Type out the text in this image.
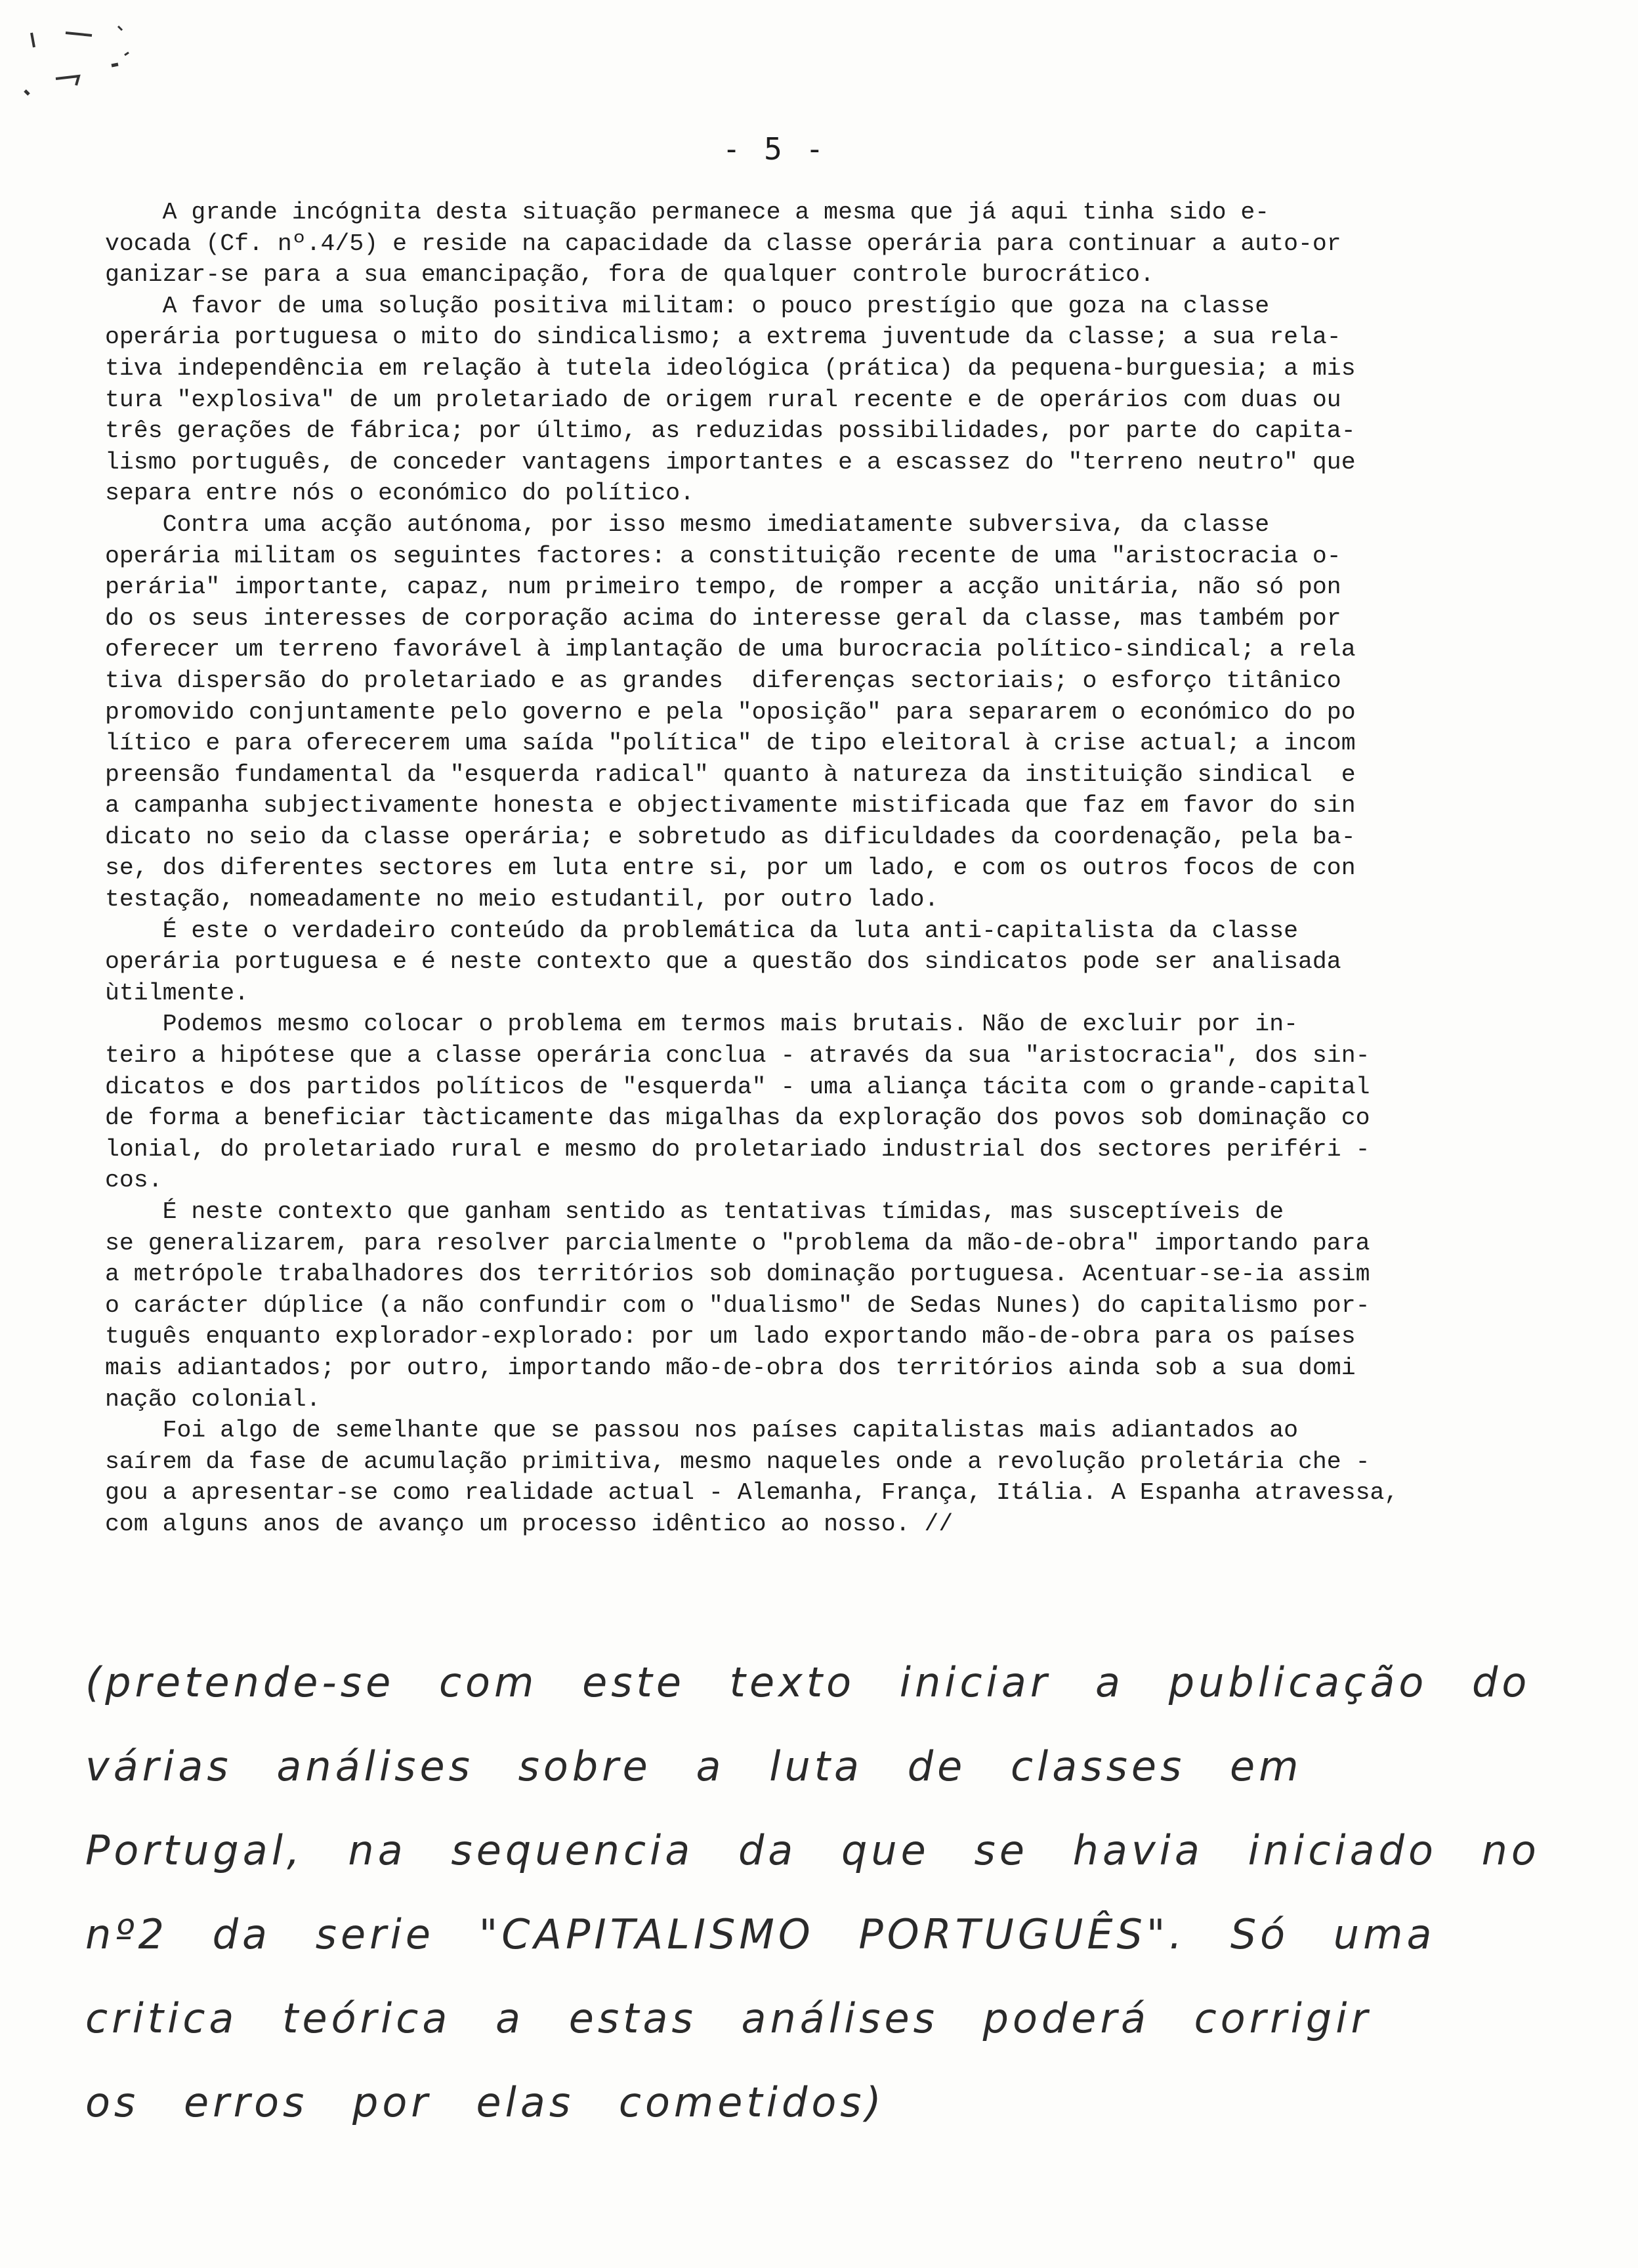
- 5 -
A grande incógnita desta situação permanece a mesma que já aqui tinha sido e-
vocada (Cf. nº.4/5) e reside na capacidade da classe operária para continuar a auto-or
ganizar-se para a sua emancipação, fora de qualquer controle burocrático.
A favor de uma solução positiva militam: o pouco prestígio que goza na classe
operária portuguesa o mito do sindicalismo; a extrema juventude da classe; a sua rela-
tiva independência em relação à tutela ideológica (prática) da pequena-burguesia; a mis
tura "explosiva" de um proletariado de origem rural recente e de operários com duas ou
três gerações de fábrica; por último, as reduzidas possibilidades, por parte do capita-
lismo português, de conceder vantagens importantes e a escassez do "terreno neutro" que
separa entre nós o económico do político.
Contra uma acção autónoma, por isso mesmo imediatamente subversiva, da classe
operária militam os seguintes factores: a constituição recente de uma "aristocracia o-
perária" importante, capaz, num primeiro tempo, de romper a acção unitária, não só pon
do os seus interesses de corporação acima do interesse geral da classe, mas também por
oferecer um terreno favorável à implantação de uma burocracia político-sindical; a rela
tiva dispersão do proletariado e as grandes  diferenças sectoriais; o esforço titânico
promovido conjuntamente pelo governo e pela "oposição" para separarem o económico do po
lítico e para oferecerem uma saída "política" de tipo eleitoral à crise actual; a incom
preensão fundamental da "esquerda radical" quanto à natureza da instituição sindical  e
a campanha subjectivamente honesta e objectivamente mistificada que faz em favor do sin
dicato no seio da classe operária; e sobretudo as dificuldades da coordenação, pela ba-
se, dos diferentes sectores em luta entre si, por um lado, e com os outros focos de con
testação, nomeadamente no meio estudantil, por outro lado.
É este o verdadeiro conteúdo da problemática da luta anti-capitalista da classe
operária portuguesa e é neste contexto que a questão dos sindicatos pode ser analisada
ùtilmente.
Podemos mesmo colocar o problema em termos mais brutais. Não de excluir por in-
teiro a hipótese que a classe operária conclua - através da sua "aristocracia", dos sin-
dicatos e dos partidos políticos de "esquerda" - uma aliança tácita com o grande-capital
de forma a beneficiar tàcticamente das migalhas da exploração dos povos sob dominação co
lonial, do proletariado rural e mesmo do proletariado industrial dos sectores periféri -
cos.
É neste contexto que ganham sentido as tentativas tímidas, mas susceptíveis de
se generalizarem, para resolver parcialmente o "problema da mão-de-obra" importando para
a metrópole trabalhadores dos territórios sob dominação portuguesa. Acentuar-se-ia assim
o carácter dúplice (a não confundir com o "dualismo" de Sedas Nunes) do capitalismo por-
tuguês enquanto explorador-explorado: por um lado exportando mão-de-obra para os países
mais adiantados; por outro, importando mão-de-obra dos territórios ainda sob a sua domi
nação colonial.
Foi algo de semelhante que se passou nos países capitalistas mais adiantados ao
saírem da fase de acumulação primitiva, mesmo naqueles onde a revolução proletária che -
gou a apresentar-se como realidade actual - Alemanha, França, Itália. A Espanha atravessa,
com alguns anos de avanço um processo idêntico ao nosso. //
(pretende-se com este texto iniciar a publicação do
várias análises sobre a luta de classes em
Portugal, na sequencia da que se havia iniciado no
nº2 da serie "CAPITALISMO PORTUGUÊS". Só uma
critica teórica a estas análises poderá corrigir
os erros por elas cometidos)
